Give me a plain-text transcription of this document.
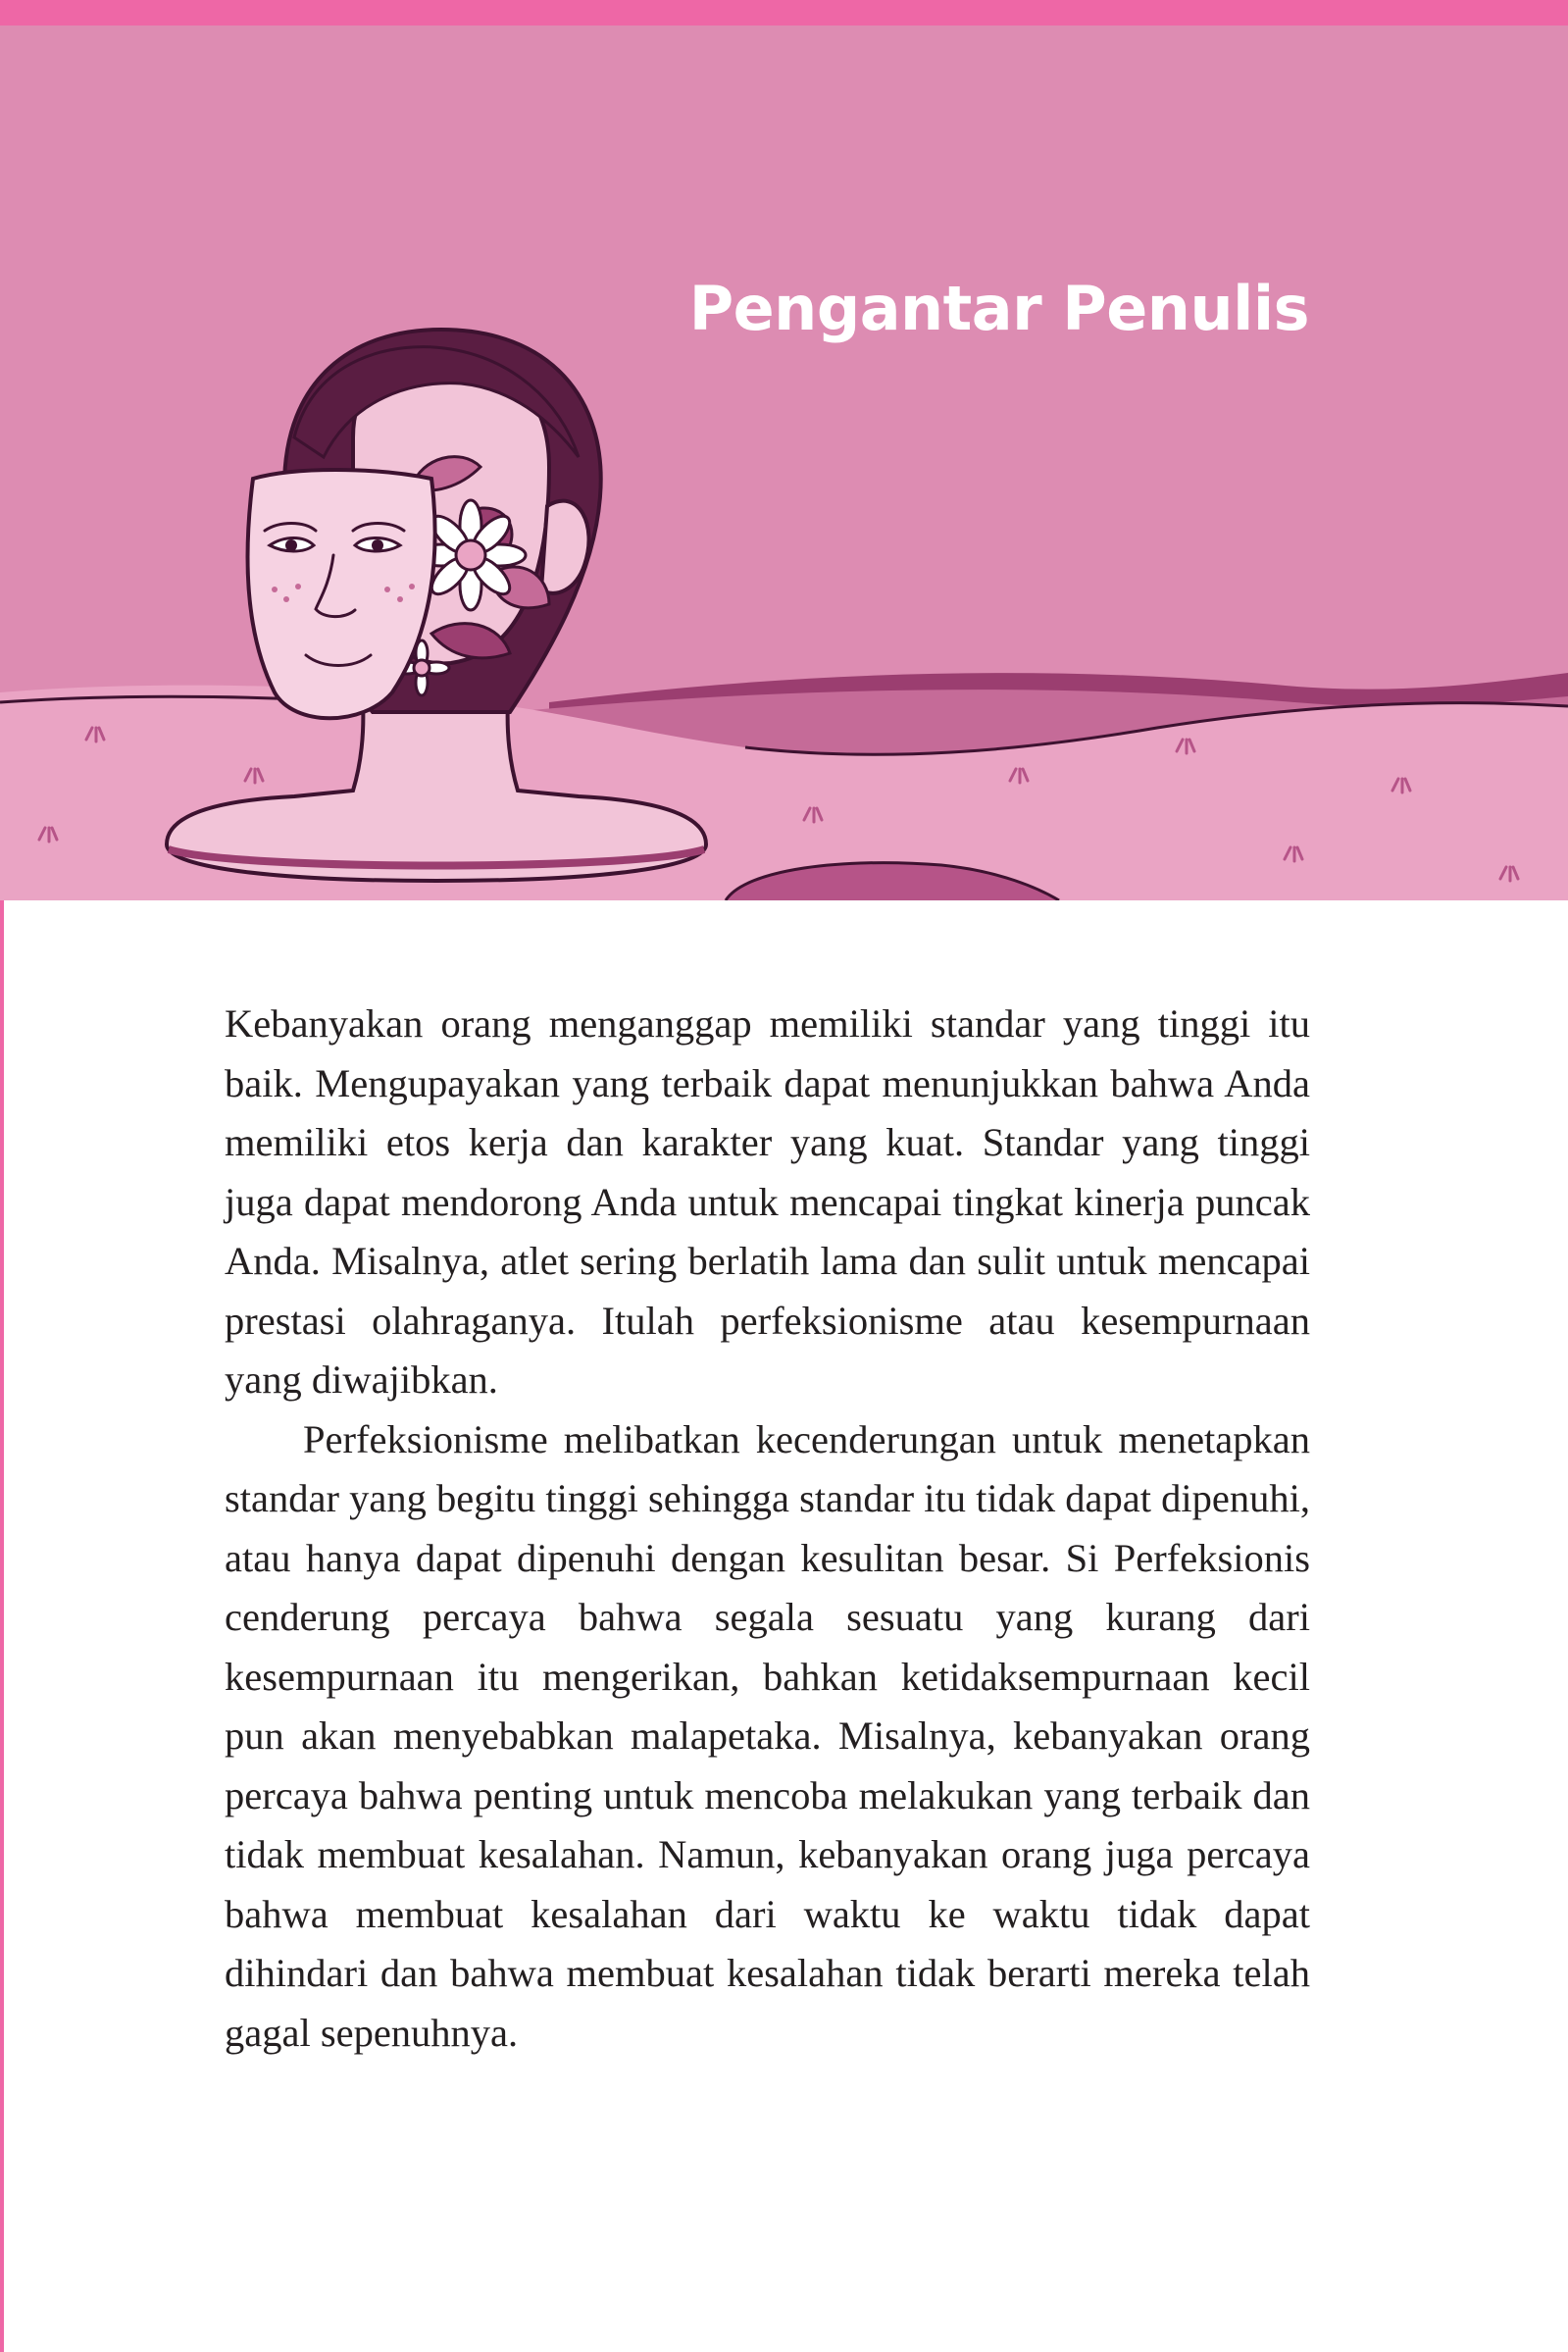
Pengantar Penulis

Kebanyakan orang menganggap memiliki standar yang tinggi itu baik. Mengupayakan yang terbaik dapat menunjukkan bahwa Anda memiliki etos kerja dan karakter yang kuat. Standar yang tinggi juga dapat mendorong Anda untuk mencapai tingkat kinerja puncak Anda. Misalnya, atlet sering berlatih lama dan sulit untuk mencapai prestasi olahraganya. Itulah perfeksionisme atau kesempurnaan yang diwajibkan.

Perfeksionisme melibatkan kecenderungan untuk menetapkan standar yang begitu tinggi sehingga standar itu tidak dapat dipenuhi, atau hanya dapat dipenuhi dengan kesulitan besar. Si Perfeksionis cenderung percaya bahwa segala sesuatu yang kurang dari kesempurnaan itu mengerikan, bahkan ketidaksempurnaan kecil pun akan menyebabkan malapetaka. Misalnya, kebanyakan orang percaya bahwa penting untuk mencoba melakukan yang terbaik dan tidak membuat kesalahan. Namun, kebanyakan orang juga percaya bahwa membuat kesalahan dari waktu ke waktu tidak dapat dihindari dan bahwa membuat kesalahan tidak berarti mereka telah gagal sepenuhnya.
